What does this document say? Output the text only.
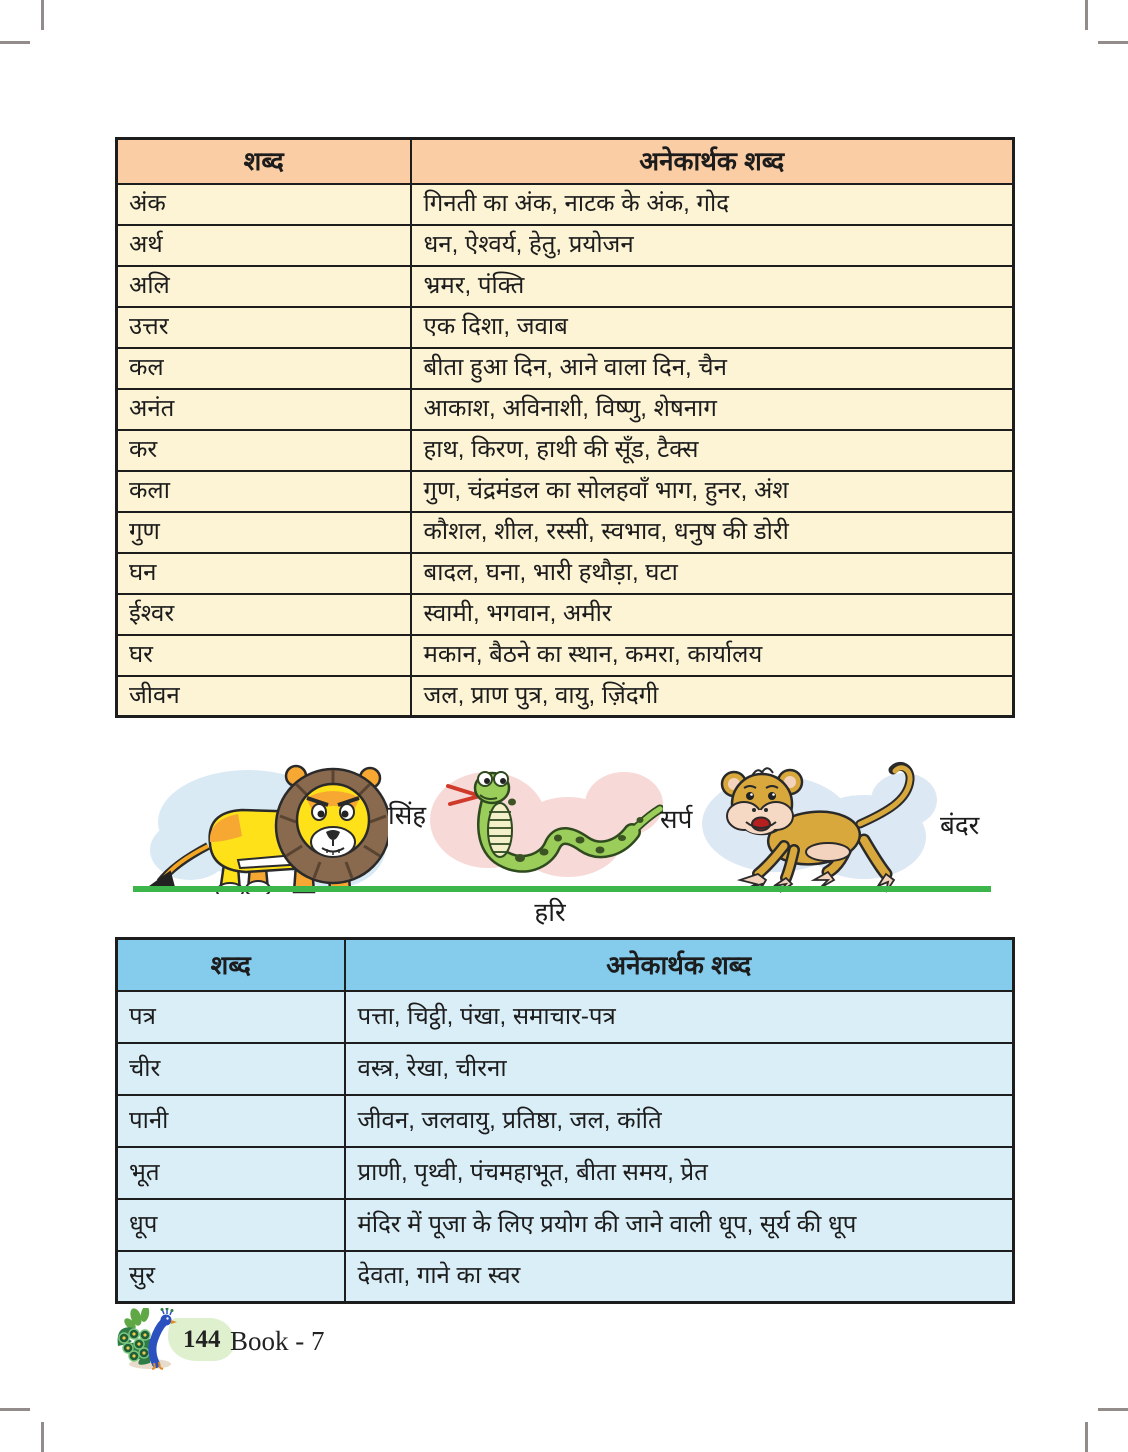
शब्द	अनेकार्थक शब्द
अंक	गिनती का अंक, नाटक के अंक, गोद
अर्थ	धन, ऐश्वर्य, हेतु, प्रयोजन
अलि	भ्रमर, पंक्ति
उत्तर	एक दिशा, जवाब
कल	बीता हुआ दिन, आने वाला दिन, चैन
अनंत	आकाश, अविनाशी, विष्णु, शेषनाग
कर	हाथ, किरण, हाथी की सूँड, टैक्स
कला	गुण, चंद्रमंडल का सोलहवाँ भाग, हुनर, अंश
गुण	कौशल, शील, रस्सी, स्वभाव, धनुष की डोरी
घन	बादल, घना, भारी हथौड़ा, घटा
ईश्वर	स्वामी, भगवान, अमीर
घर	मकान, बैठने का स्थान, कमरा, कार्यालय
जीवन	जल, प्राण पुत्र, वायु, ज़िंदगी
सिंह	सर्प	बंदर
हरि
शब्द	अनेकार्थक शब्द
पत्र	पत्ता, चिट्ठी, पंखा, समाचार-पत्र
चीर	वस्त्र, रेखा, चीरना
पानी	जीवन, जलवायु, प्रतिष्ठा, जल, कांति
भूत	प्राणी, पृथ्वी, पंचमहाभूत, बीता समय, प्रेत
धूप	मंदिर में पूजा के लिए प्रयोग की जाने वाली धूप, सूर्य की धूप
सुर	देवता, गाने का स्वर
144 Book - 7
